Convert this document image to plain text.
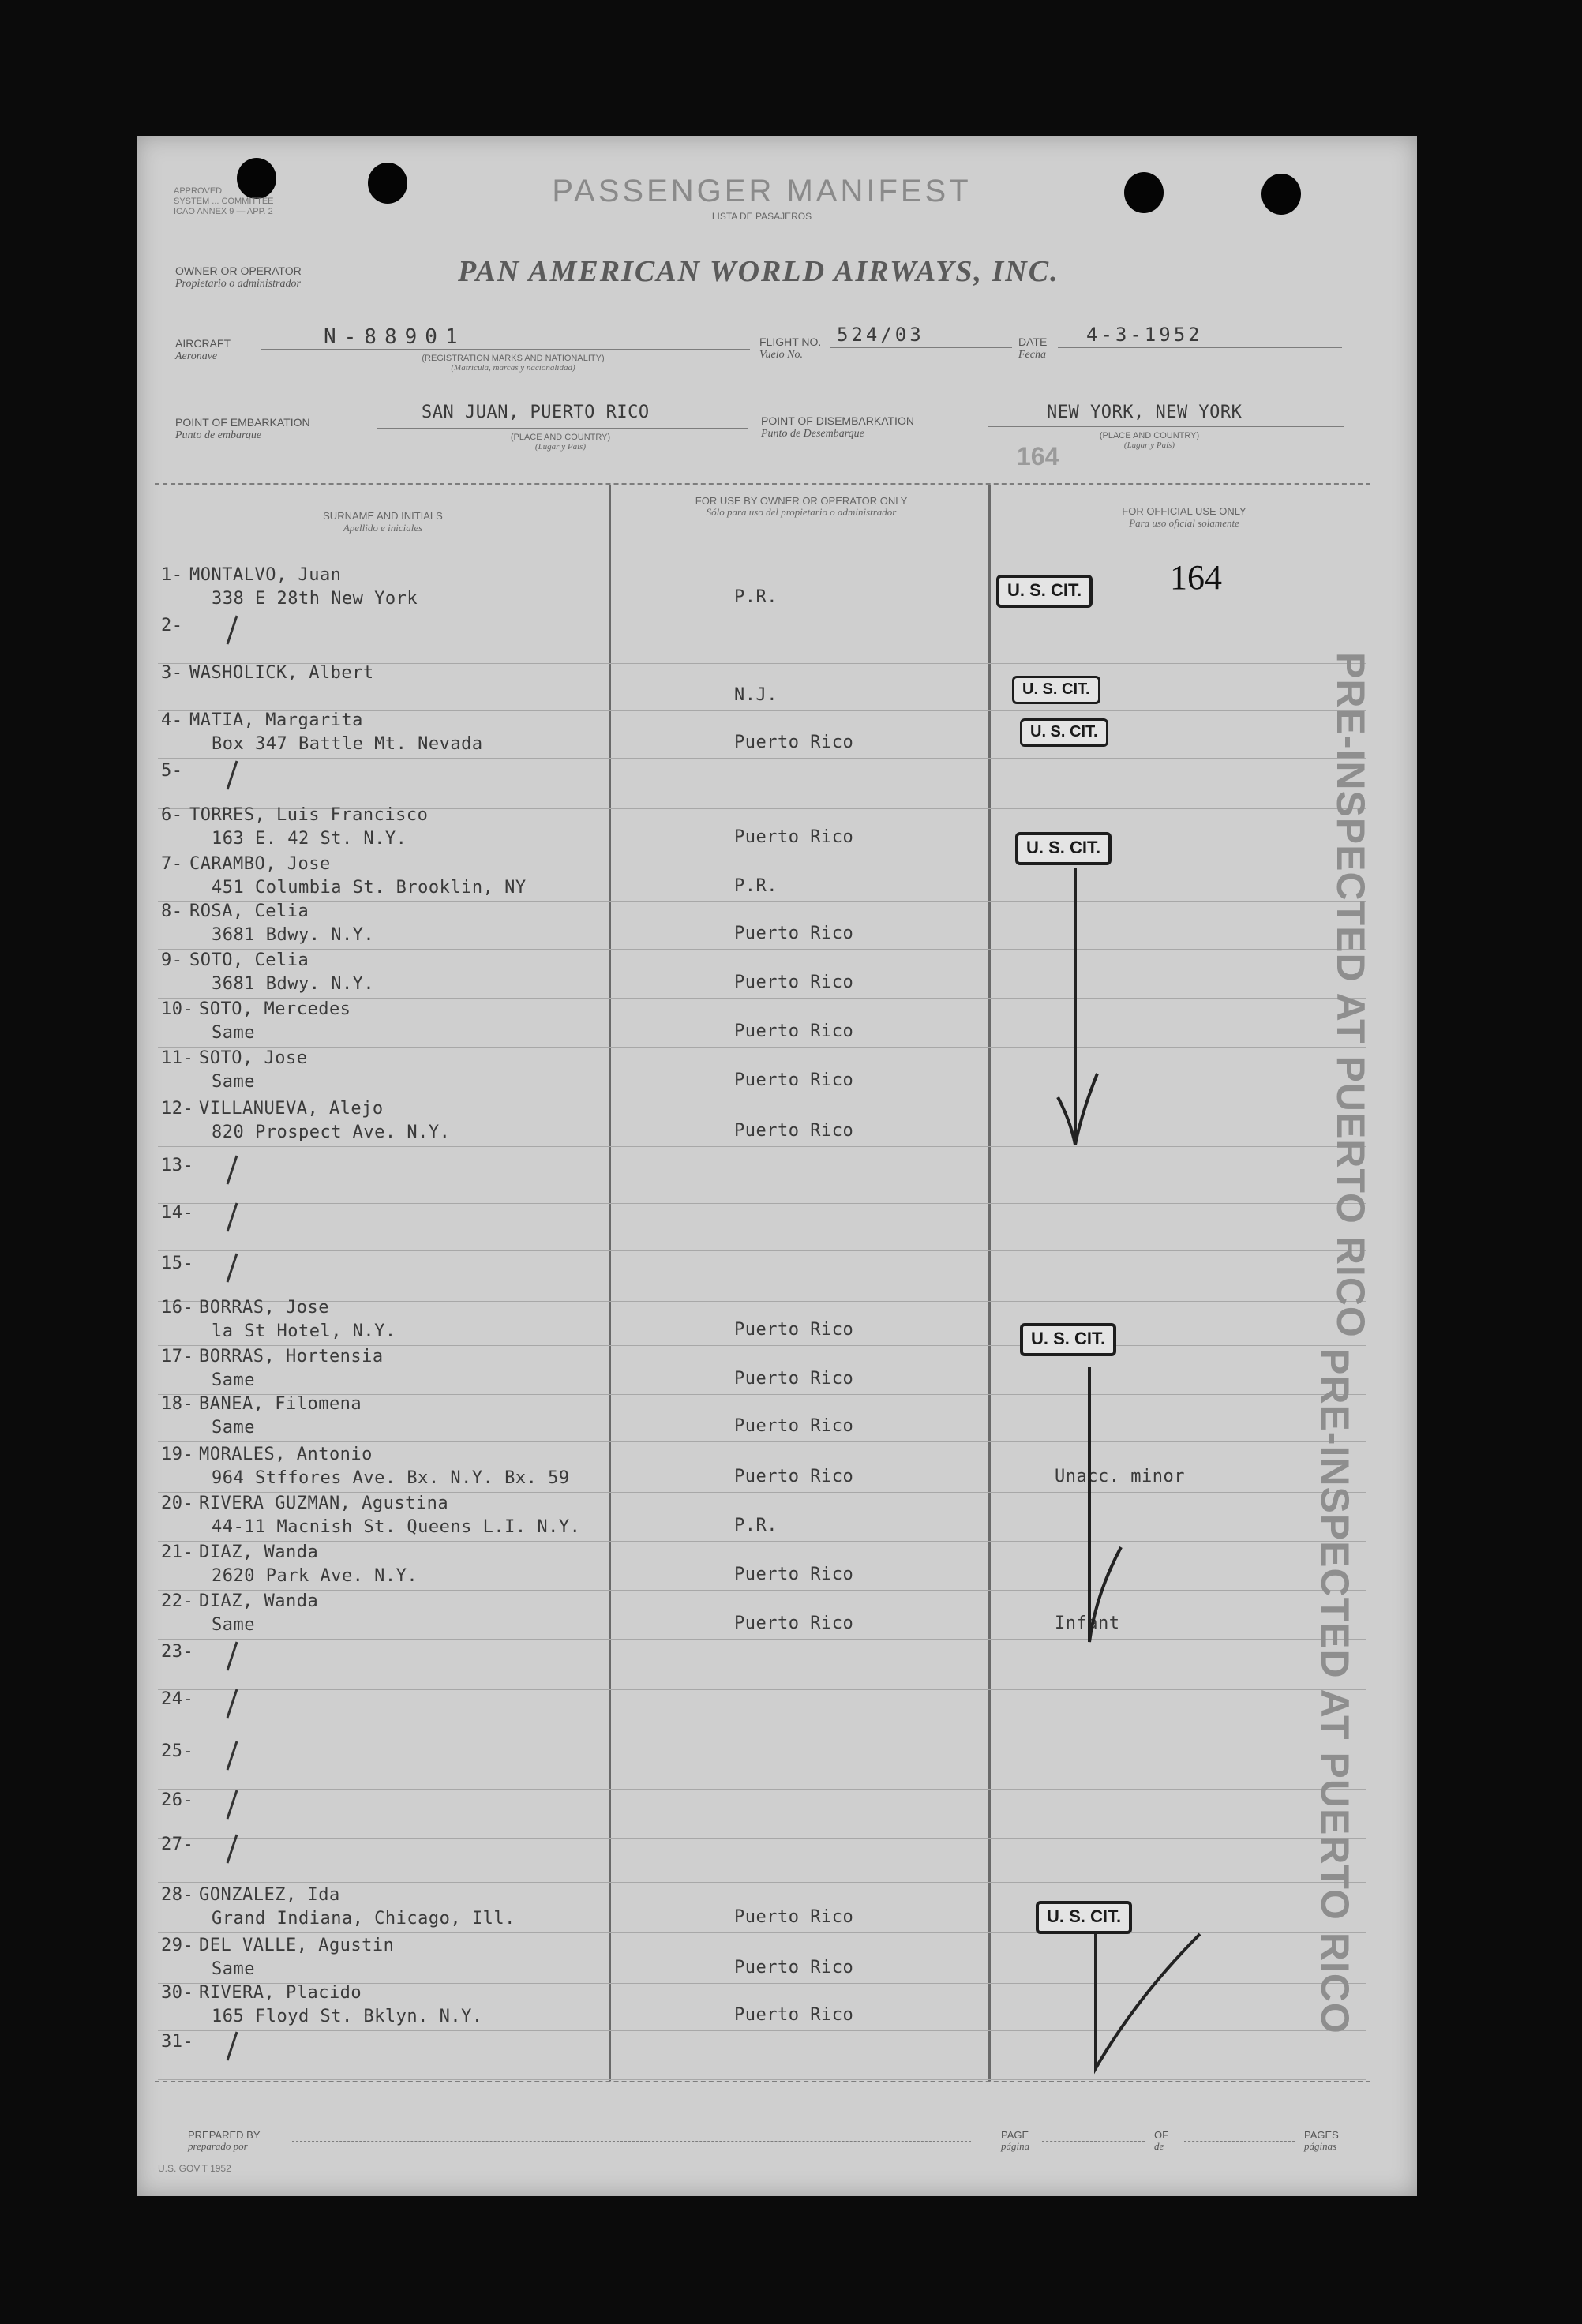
APPROVED
SYSTEM ... COMMITTEE
ICAO ANNEX 9 — APP. 2
PASSENGER MANIFEST
LISTA DE PASAJEROS
OWNER OR OPERATOR
Propietario o administrador	PAN AMERICAN WORLD AIRWAYS, INC.
AIRCRAFT
Aeronave
N-88901
(REGISTRATION MARKS AND NATIONALITY)
(Matrícula, marcas y nacionalidad)
FLIGHT NO.
Vuelo No.
524/03	DATE
Fecha
4-3-1952
POINT OF EMBARKATION
Punto de embarque
SAN JUAN, PUERTO RICO
(PLACE AND COUNTRY)
(Lugar y País)
POINT OF DISEMBARKATION
Punto de Desembarque
NEW YORK, NEW YORK
(PLACE AND COUNTRY)
(Lugar y País)
164
SURNAME AND INITIALS
Apellido e iniciales
FOR USE BY OWNER OR OPERATOR ONLY
Sólo para uso del propietario o administrador	FOR OFFICIAL USE ONLY
Para uso oficial solamente
1- MONTALVO, Juan
338 E 28th New York	P.R.
2-
3- WASHOLICK, Albert
N.J.
4- MATIA, Margarita
Box 347 Battle Mt. Nevada	Puerto Rico
5-
6- TORRES, Luis Francisco
163 E. 42 St. N.Y.	Puerto Rico
7- CARAMBO, Jose
451 Columbia St. Brooklin, NY	P.R.
8- ROSA, Celia
3681 Bdwy. N.Y.	Puerto Rico
9- SOTO, Celia
3681 Bdwy. N.Y.	Puerto Rico
10- SOTO, Mercedes
Same	Puerto Rico
11- SOTO, Jose
Same	Puerto Rico
12- VILLANUEVA, Alejo
820 Prospect Ave. N.Y.	Puerto Rico
13-
14-
15-
16- BORRAS, Jose
la St Hotel, N.Y.	Puerto Rico
17- BORRAS, Hortensia
Same	Puerto Rico
18- BANEA, Filomena
Same	Puerto Rico
19- MORALES, Antonio
964 Stffores Ave. Bx. N.Y. Bx. 59	Puerto Rico	Unacc. minor
20- RIVERA GUZMAN, Agustina
44-11 Macnish St. Queens L.I. N.Y.	P.R.
21- DIAZ, Wanda
2620 Park Ave. N.Y.	Puerto Rico
22- DIAZ, Wanda
Same	Puerto Rico	Infant
23-
24-
25-
26-
27-
28- GONZALEZ, Ida
Grand Indiana, Chicago, Ill.	Puerto Rico
29- DEL VALLE, Agustin
Same	Puerto Rico
30- RIVERA, Placido
165 Floyd St. Bklyn. N.Y.	Puerto Rico
31-
164
U. S. CIT.
U. S. CIT.
U. S. CIT.
U. S. CIT.
U. S. CIT.
U. S. CIT.
PRE-INSPECTED AT PUERTO RICO
PRE-INSPECTED AT PUERTO RICO
PREPARED BY
preparado por
PAGE
página
OF
de
PAGES
páginas
U.S. GOV'T 1952
